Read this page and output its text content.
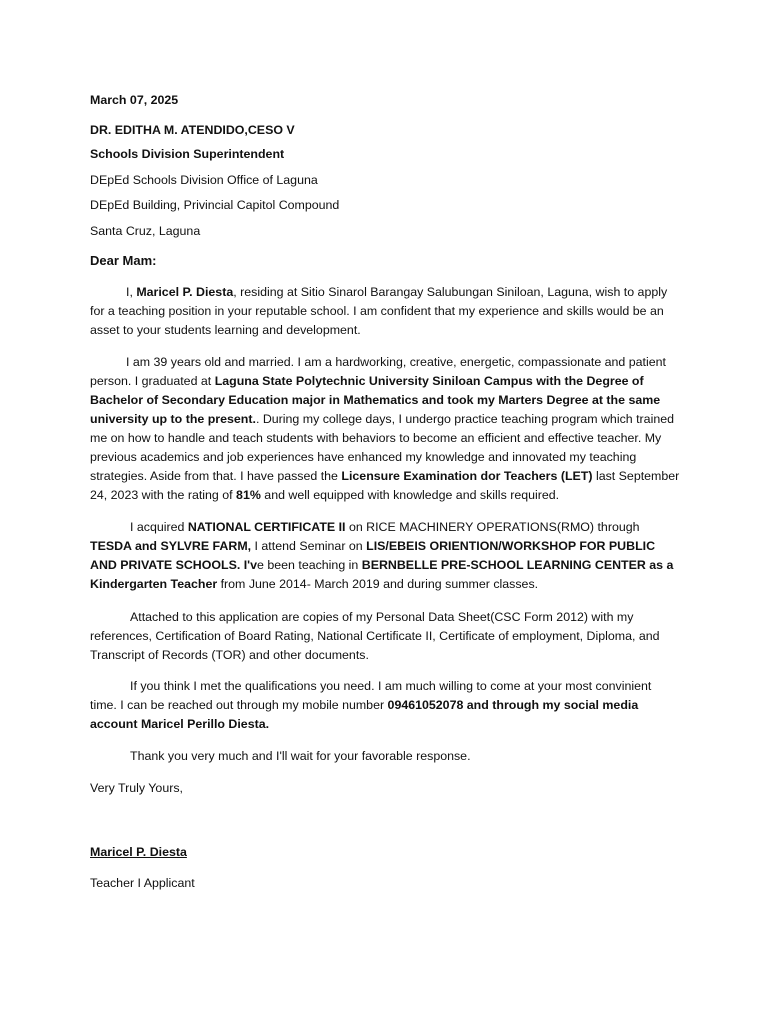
March 07, 2025
DR. EDITHA M. ATENDIDO,CESO V
Schools Division Superintendent
DEpEd Schools Division Office of Laguna
DEpEd Building, Privincial Capitol Compound
Santa Cruz, Laguna
Dear Mam:

I, Maricel P. Diesta, residing at Sitio Sinarol Barangay Salubungan Siniloan, Laguna, wish to apply for a teaching position in your reputable school. I am confident that my experience and skills would be an asset to your students learning and development.

I am 39 years old and married. I am a hardworking, creative, energetic, compassionate and patient person. I graduated at Laguna State Polytechnic University Siniloan Campus with the Degree of Bachelor of Secondary Education major in Mathematics and took my Marters Degree at the same university up to the present.. During my college days, I undergo practice teaching program which trained me on how to handle and teach students with behaviors to become an efficient and effective teacher. My previous academics and job experiences have enhanced my knowledge and innovated my teaching strategies. Aside from that. I have passed the Licensure Examination dor Teachers (LET) last September 24, 2023 with the rating of 81% and well equipped with knowledge and skills required.

I acquired NATIONAL CERTIFICATE II on RICE MACHINERY OPERATIONS(RMO) through TESDA and SYLVRE FARM, I attend Seminar on LIS/EBEIS ORIENTION/WORKSHOP FOR PUBLIC AND PRIVATE SCHOOLS. I've been teaching in BERNBELLE PRE-SCHOOL LEARNING CENTER as a Kindergarten Teacher from June 2014- March 2019 and during summer classes.

Attached to this application are copies of my Personal Data Sheet(CSC Form 2012) with my references, Certification of Board Rating, National Certificate II, Certificate of employment, Diploma, and Transcript of Records (TOR) and other documents.

If you think I met the qualifications you need. I am much willing to come at your most convinient time. I can be reached out through my mobile number 09461052078 and through my social media account Maricel Perillo Diesta.

Thank you very much and I'll wait for your favorable response.

Very Truly Yours,
Maricel P. Diesta
Teacher I Applicant
